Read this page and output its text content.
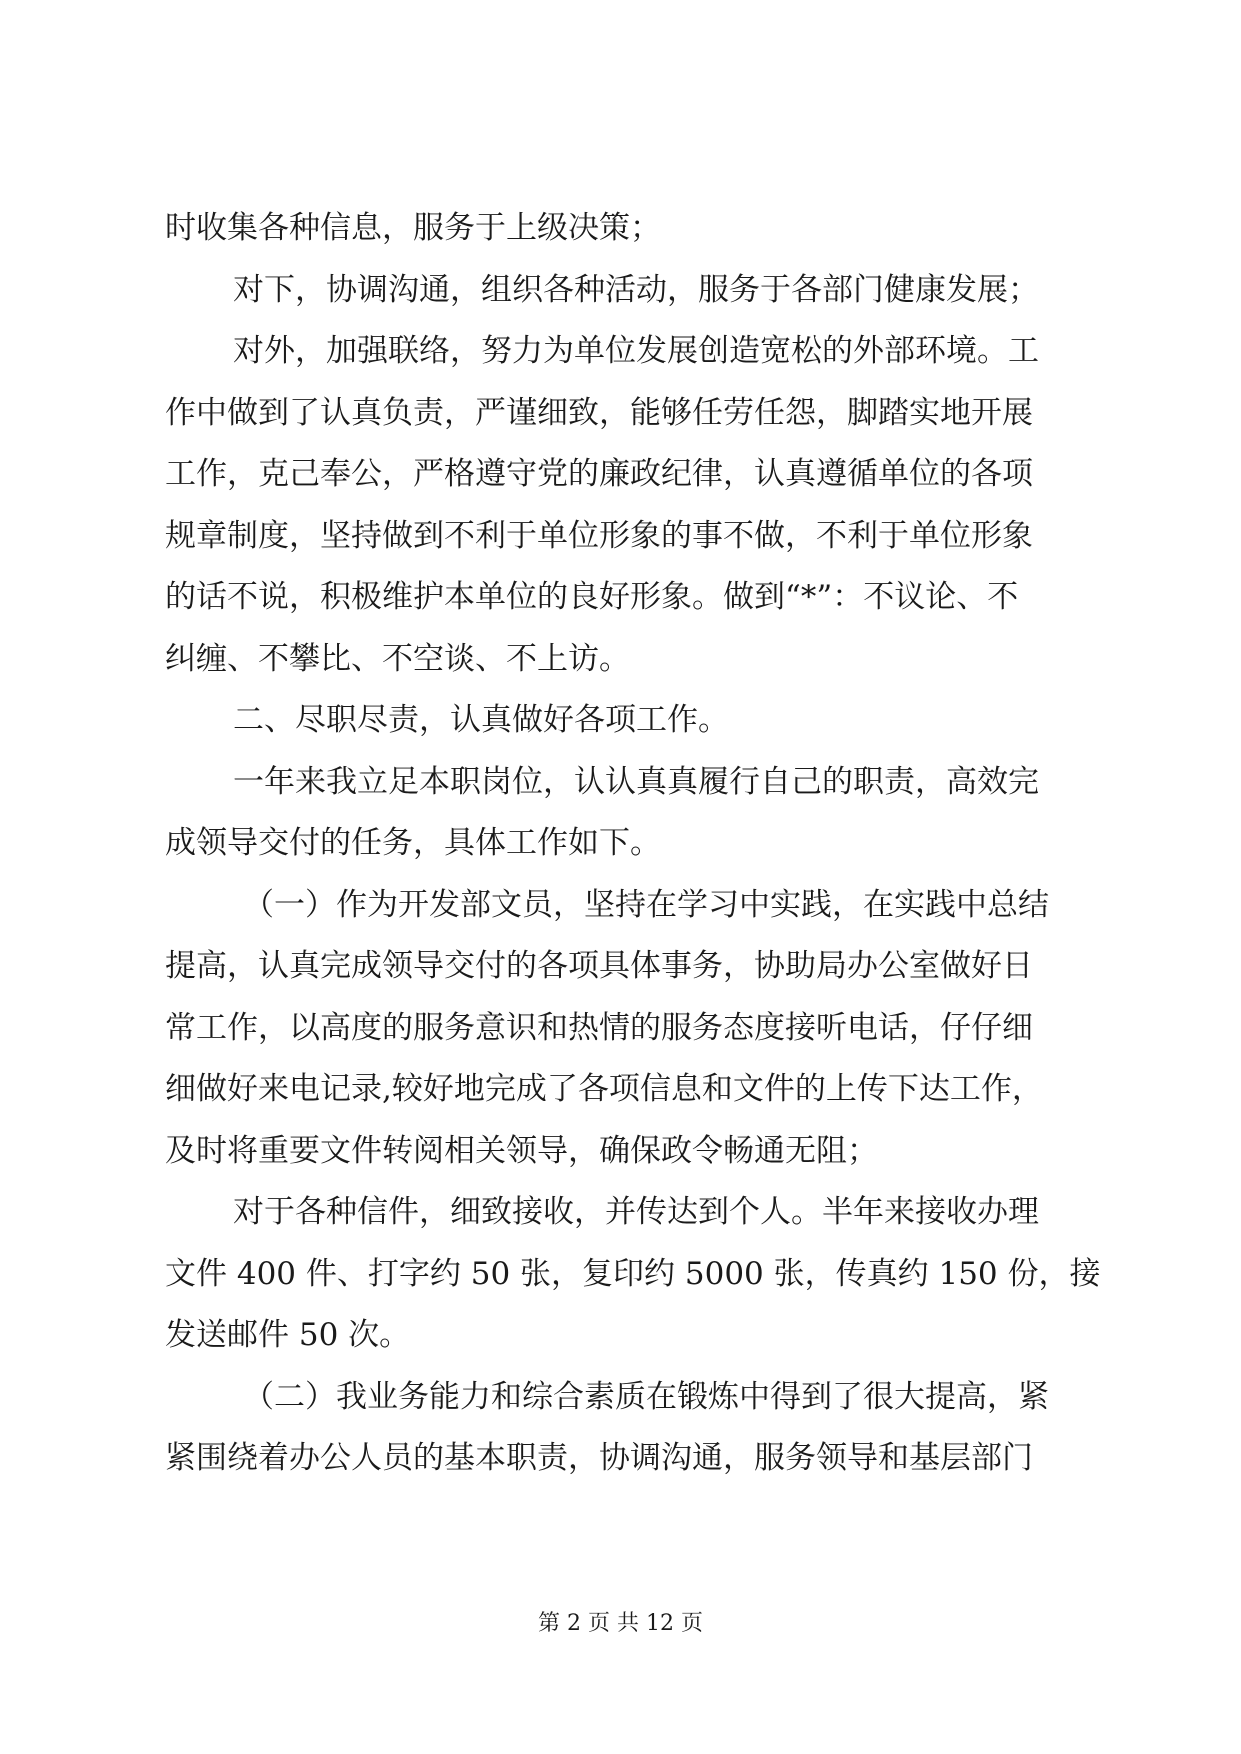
时收集各种信息，服务于上级决策；
对下，协调沟通，组织各种活动，服务于各部门健康发展；
对外，加强联络，努力为单位发展创造宽松的外部环境。工
作中做到了认真负责，严谨细致，能够任劳任怨，脚踏实地开展
工作，克己奉公，严格遵守党的廉政纪律，认真遵循单位的各项
规章制度，坚持做到不利于单位形象的事不做，不利于单位形象
的话不说，积极维护本单位的良好形象。做到“*”：不议论、不
纠缠、不攀比、不空谈、不上访。
二、尽职尽责，认真做好各项工作。
一年来我立足本职岗位，认认真真履行自己的职责，高效完
成领导交付的任务，具体工作如下。
（一）作为开发部文员，坚持在学习中实践，在实践中总结
提高，认真完成领导交付的各项具体事务，协助局办公室做好日
常工作，以高度的服务意识和热情的服务态度接听电话，仔仔细
细做好来电记录,较好地完成了各项信息和文件的上传下达工作，
及时将重要文件转阅相关领导，确保政令畅通无阻；
对于各种信件，细致接收，并传达到个人。半年来接收办理
文件 400 件、打字约 50 张，复印约 5000 张，传真约 150 份，接
发送邮件 50 次。
（二）我业务能力和综合素质在锻炼中得到了很大提高，紧
紧围绕着办公人员的基本职责，协调沟通，服务领导和基层部门
第 2 页 共 12 页
